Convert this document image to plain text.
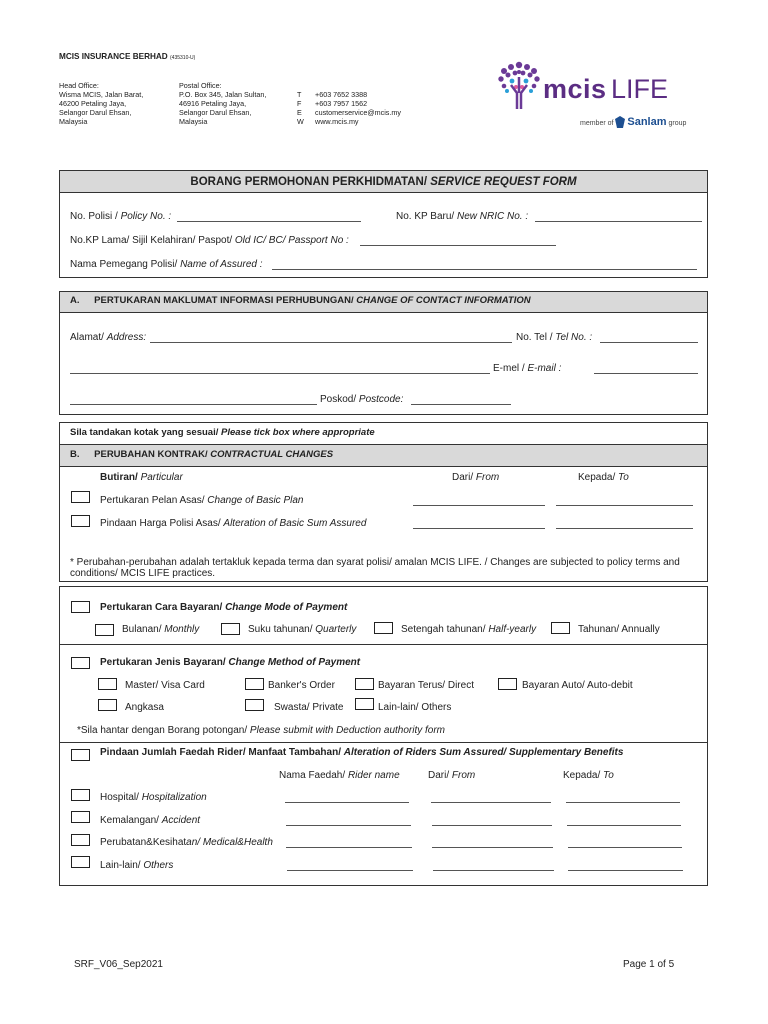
MCIS INSURANCE BERHAD (435310-U)
Head Office:
Wisma MCIS, Jalan Barat,
46200 Petaling Jaya,
Selangor Darul Ehsan,
Malaysia
Postal Office:
P.O. Box 345, Jalan Sultan,
46916 Petaling Jaya,
Selangor Darul Ehsan,
Malaysia
T
F
E
W
+603 7652 3388
+603 7957 1562
customerservice@mcis.my
www.mcis.my
mcis LIFE
member of Sanlam group
BORANG PERMOHONAN PERKHIDMATAN/ SERVICE REQUEST FORM
No. Polisi / Policy No. :	No. KP Baru/ New NRIC No. :
No.KP Lama/ Sijil Kelahiran/ Paspot/ Old IC/ BC/ Passport No :
Nama Pemegang Polisi/ Name of Assured :
A. PERTUKARAN MAKLUMAT INFORMASI PERHUBUNGAN/ CHANGE OF CONTACT INFORMATION
Alamat/ Address:	No. Tel / Tel No. :
E-mel / E-mail :
Poskod/ Postcode:
Sila tandakan kotak yang sesuai/ Please tick box where appropriate
B. PERUBAHAN KONTRAK/ CONTRACTUAL CHANGES
Butiran/ Particular	Dari/ From	Kepada/ To
Pertukaran Pelan Asas/ Change of Basic Plan
Pindaan Harga Polisi Asas/ Alteration of Basic Sum Assured
* Perubahan-perubahan adalah tertakluk kepada terma dan syarat polisi/ amalan MCIS LIFE. / Changes are subjected to policy terms and conditions/ MCIS LIFE practices.
Pertukaran Cara Bayaran/ Change Mode of Payment
Bulanan/ Monthly	Suku tahunan/ Quarterly	Setengah tahunan/ Half-yearly	Tahunan/ Annually
Pertukaran Jenis Bayaran/ Change Method of Payment
Master/ Visa Card	Banker's Order	Bayaran Terus/ Direct	Bayaran Auto/ Auto-debit
Angkasa	Swasta/ Private	Lain-lain/ Others
*Sila hantar dengan Borang potongan/ Please submit with Deduction authority form
Pindaan Jumlah Faedah Rider/ Manfaat Tambahan/ Alteration of Riders Sum Assured/ Supplementary Benefits
Nama Faedah/ Rider name	Dari/ From	Kepada/ To
Hospital/ Hospitalization
Kemalangan/ Accident
Perubatan&Kesihatan/ Medical&Health
Lain-lain/ Others
SRF_V06_Sep2021	Page 1 of 5
